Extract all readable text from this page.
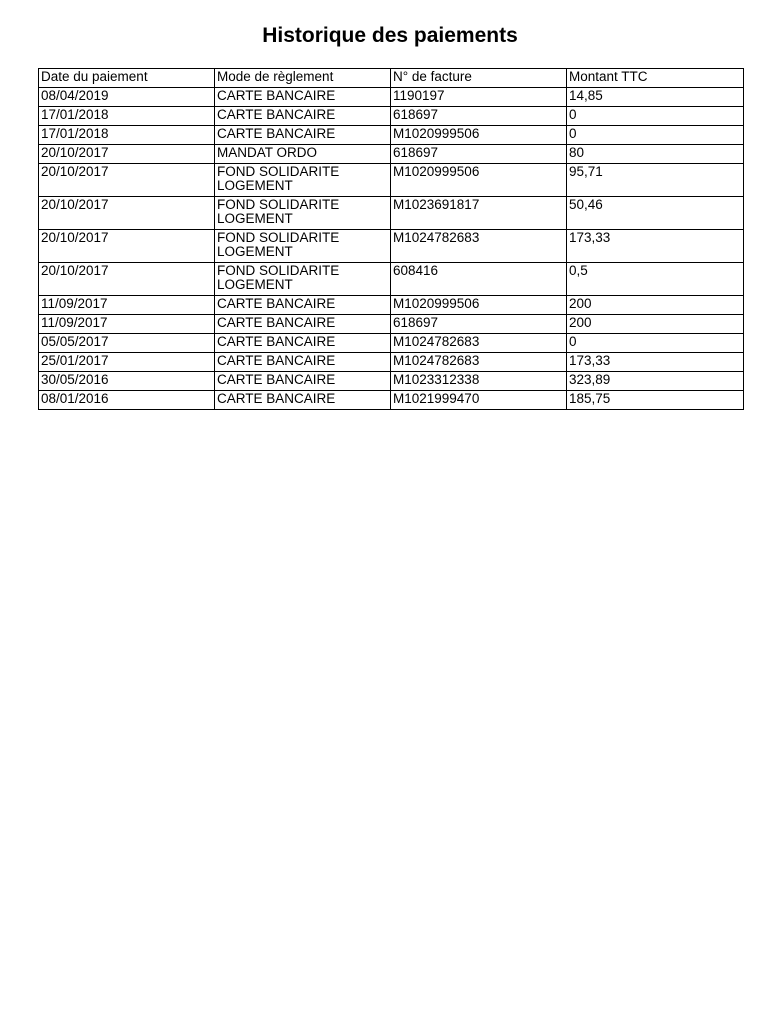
Historique des paiements
Date du paiement	Mode de règlement	N° de facture	Montant TTC
08/04/2019	CARTE BANCAIRE	1190197	14,85
17/01/2018	CARTE BANCAIRE	618697	0
17/01/2018	CARTE BANCAIRE	M1020999506	0
20/10/2017	MANDAT ORDO	618697	80
20/10/2017	FOND SOLIDARITE LOGEMENT	M1020999506	95,71
20/10/2017	FOND SOLIDARITE LOGEMENT	M1023691817	50,46
20/10/2017	FOND SOLIDARITE LOGEMENT	M1024782683	173,33
20/10/2017	FOND SOLIDARITE LOGEMENT	608416	0,5
11/09/2017	CARTE BANCAIRE	M1020999506	200
11/09/2017	CARTE BANCAIRE	618697	200
05/05/2017	CARTE BANCAIRE	M1024782683	0
25/01/2017	CARTE BANCAIRE	M1024782683	173,33
30/05/2016	CARTE BANCAIRE	M1023312338	323,89
08/01/2016	CARTE BANCAIRE	M1021999470	185,75
